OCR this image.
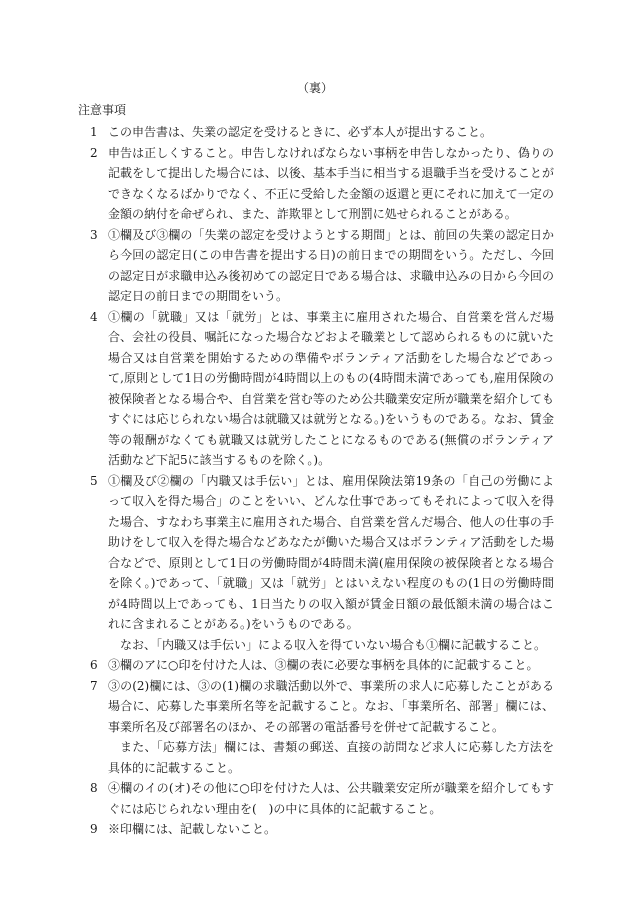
（裏）
注意事項
1 この申告書は、失業の認定を受けるときに、必ず本人が提出すること。
2 申告は正しくすること。申告しなければならない事柄を申告しなかったり、偽りの記載をして提出した場合には、以後、基本手当に相当する退職手当を受けることができなくなるばかりでなく、不正に受給した金額の返還と更にそれに加えて一定の金額の納付を命ぜられ、また、詐欺罪として刑罰に処せられることがある。
3 ①欄及び③欄の「失業の認定を受けようとする期間」とは、前回の失業の認定日から今回の認定日(この申告書を提出する日)の前日までの期間をいう。ただし、今回の認定日が求職申込み後初めての認定日である場合は、求職申込みの日から今回の認定日の前日までの期間をいう。
4 ①欄の「就職」又は「就労」とは、事業主に雇用された場合、自営業を営んだ場合、会社の役員、嘱託になった場合などおよそ職業として認められるものに就いた場合又は自営業を開始するための準備やボランティア活動をした場合などであって,原則として1日の労働時間が4時間以上のもの(4時間未満であっても,雇用保険の被保険者となる場合や、自営業を営む等のため公共職業安定所が職業を紹介してもすぐには応じられない場合は就職又は就労となる。)をいうものである。なお、賃金等の報酬がなくても就職又は就労したことになるものである(無償のボランティア活動など下記5に該当するものを除く。)。
5 ①欄及び②欄の「内職又は手伝い」とは、雇用保険法第19条の「自己の労働によって収入を得た場合」のことをいい、どんな仕事であってもそれによって収入を得た場合、すなわち事業主に雇用された場合、自営業を営んだ場合、他人の仕事の手助けをして収入を得た場合などあなたが働いた場合又はボランティア活動をした場合などで、原則として1日の労働時間が4時間未満(雇用保険の被保険者となる場合を除く。)であって、「就職」又は「就労」とはいえない程度のもの(1日の労働時間が4時間以上であっても、1日当たりの収入額が賃金日額の最低額未満の場合はこれに含まれることがある。)をいうものである。
なお、「内職又は手伝い」による収入を得ていない場合も①欄に記載すること。
6 ③欄のアに○印を付けた人は、③欄の表に必要な事柄を具体的に記載すること。
7 ③の(2)欄には、③の(1)欄の求職活動以外で、事業所の求人に応募したことがある場合に、応募した事業所名等を記載すること。なお、「事業所名、部署」欄には、事業所名及び部署名のほか、その部署の電話番号を併せて記載すること。
また、「応募方法」欄には、書類の郵送、直接の訪問など求人に応募した方法を具体的に記載すること。
8 ④欄のイの(オ)その他に○印を付けた人は、公共職業安定所が職業を紹介してもすぐには応じられない理由を(　)の中に具体的に記載すること。
9 ※印欄には、記載しないこと。
